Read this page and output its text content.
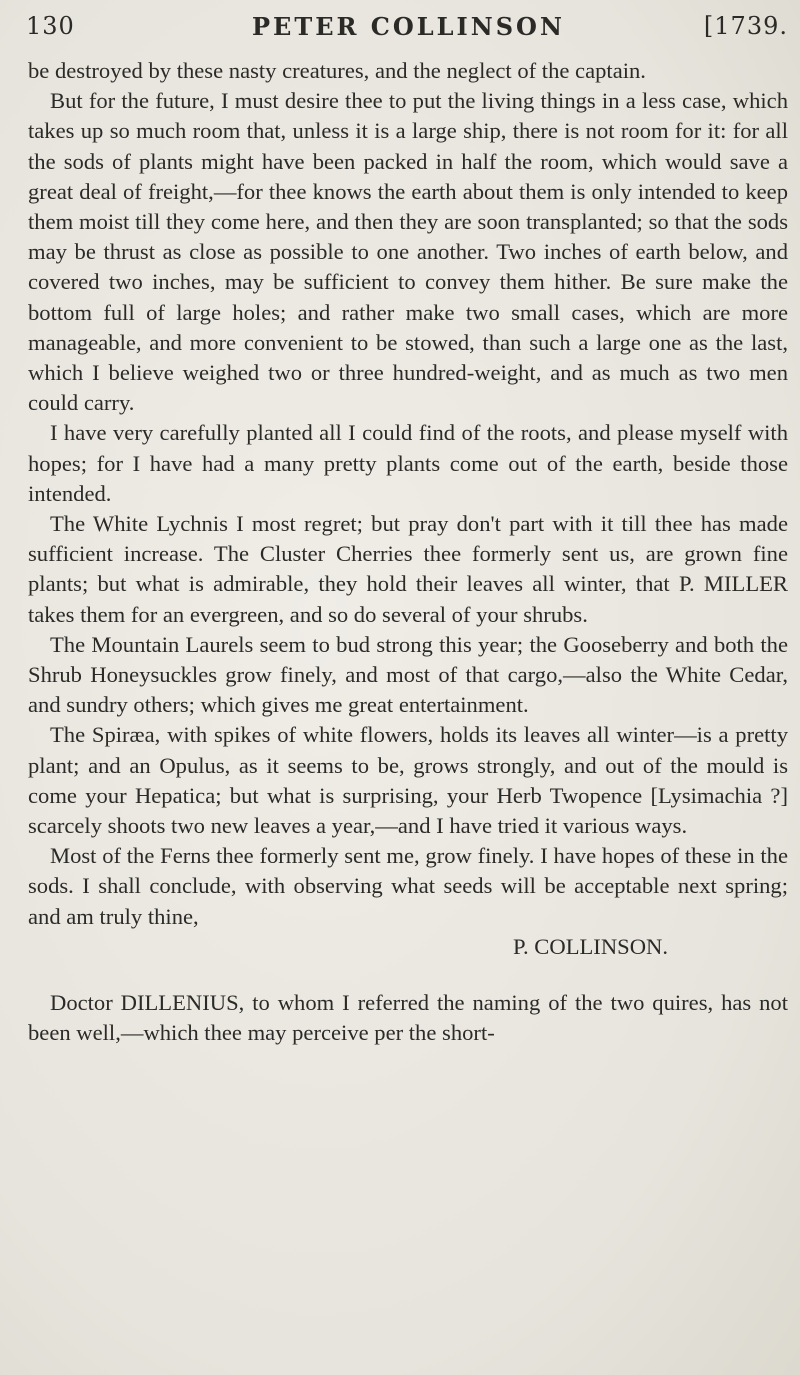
130	PETER COLLINSON	[1739.

be destroyed by these nasty creatures, and the neglect of the captain.

But for the future, I must desire thee to put the living things in a less case, which takes up so much room that, unless it is a large ship, there is not room for it: for all the sods of plants might have been packed in half the room, which would save a great deal of freight,—for thee knows the earth about them is only intended to keep them moist till they come here, and then they are soon transplanted; so that the sods may be thrust as close as possible to one another. Two inches of earth below, and covered two inches, may be sufficient to convey them hither. Be sure make the bottom full of large holes; and rather make two small cases, which are more manageable, and more convenient to be stowed, than such a large one as the last, which I believe weighed two or three hundred-weight, and as much as two men could carry.

I have very carefully planted all I could find of the roots, and please myself with hopes; for I have had a many pretty plants come out of the earth, beside those intended.

The White Lychnis I most regret; but pray don't part with it till thee has made sufficient increase. The Cluster Cherries thee formerly sent us, are grown fine plants; but what is admirable, they hold their leaves all winter, that P. MILLER takes them for an evergreen, and so do several of your shrubs.

The Mountain Laurels seem to bud strong this year; the Gooseberry and both the Shrub Honeysuckles grow finely, and most of that cargo,—also the White Cedar, and sundry others; which gives me great entertainment.

The Spiræa, with spikes of white flowers, holds its leaves all winter—is a pretty plant; and an Opulus, as it seems to be, grows strongly, and out of the mould is come your Hepatica; but what is surprising, your Herb Twopence [Lysimachia ?] scarcely shoots two new leaves a year,—and I have tried it various ways.

Most of the Ferns thee formerly sent me, grow finely. I have hopes of these in the sods. I shall conclude, with observing what seeds will be acceptable next spring; and am truly thine,

P. COLLINSON.

Doctor DILLENIUS, to whom I referred the naming of the two quires, has not been well,—which thee may perceive per the short-
